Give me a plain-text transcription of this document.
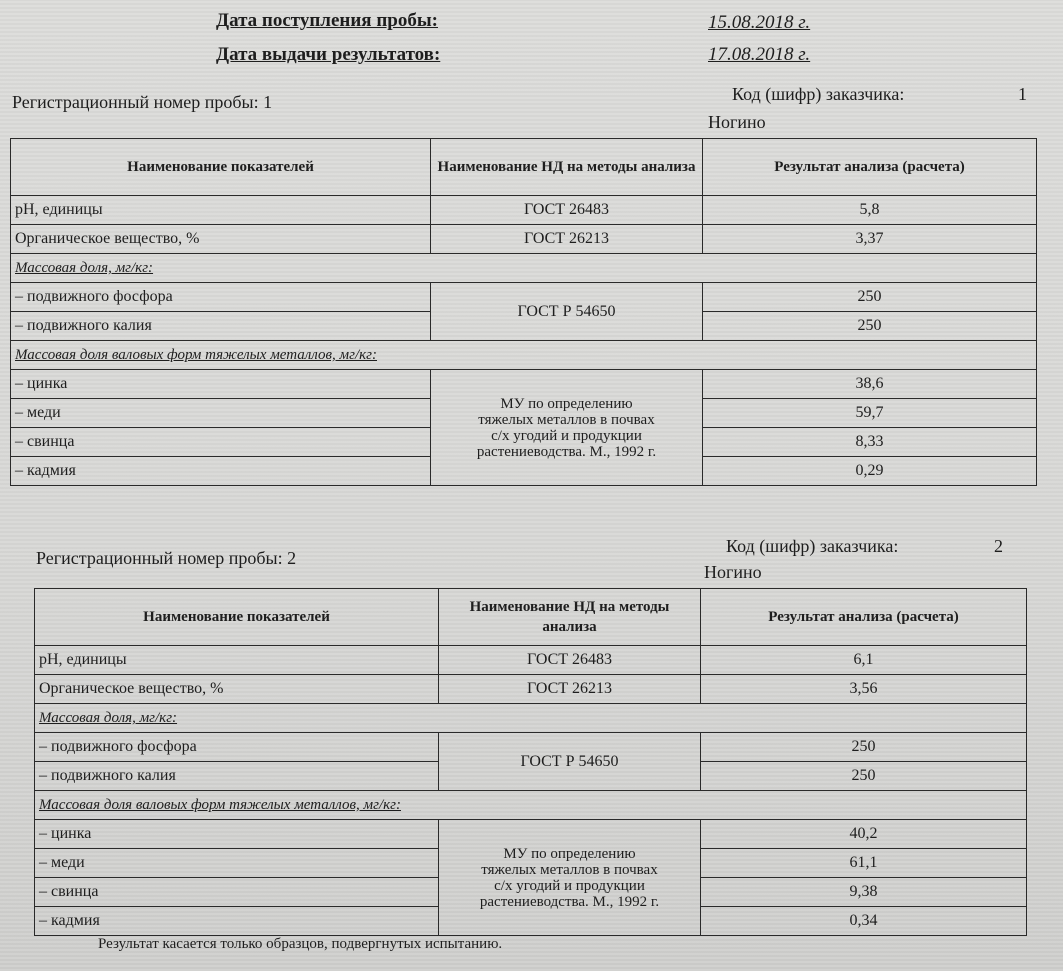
Дата поступления пробы:	15.08.2018 г.
Дата выдачи результатов:	17.08.2018 г.
Регистрационный номер пробы: 1	Код (шифр) заказчика:	1
Ногино
Наименование показателей	Наименование НД на методы анализа	Результат анализа (расчета)
рН, единицы	ГОСТ 26483	5,8
Органическое вещество, %	ГОСТ 26213	3,37
Массовая доля, мг/кг:		
– подвижного фосфора	ГОСТ Р 54650	250
– подвижного калия		250
Массовая доля валовых форм тяжелых металлов, мг/кг:		
– цинка	МУ по определению
тяжелых металлов в почвах
с/х угодий и продукции
растениеводства. М., 1992 г.	38,6
– меди		59,7
– свинца		8,33
– кадмия		0,29
Регистрационный номер пробы: 2
Код (шифр) заказчика:	2
Ногино
Наименование показателей	Наименование НД на методы анализа	Результат анализа (расчета)
рН, единицы	ГОСТ 26483	6,1
Органическое вещество, %	ГОСТ 26213	3,56
Массовая доля, мг/кг:		
– подвижного фосфора	ГОСТ Р 54650	250
– подвижного калия		250
Массовая доля валовых форм тяжелых металлов, мг/кг:		
– цинка	МУ по определению
тяжелых металлов в почвах
с/х угодий и продукции
растениеводства. М., 1992 г.	40,2
– меди		61,1
– свинца		9,38
– кадмия		0,34
Результат касается только образцов, подвергнутых испытанию.
